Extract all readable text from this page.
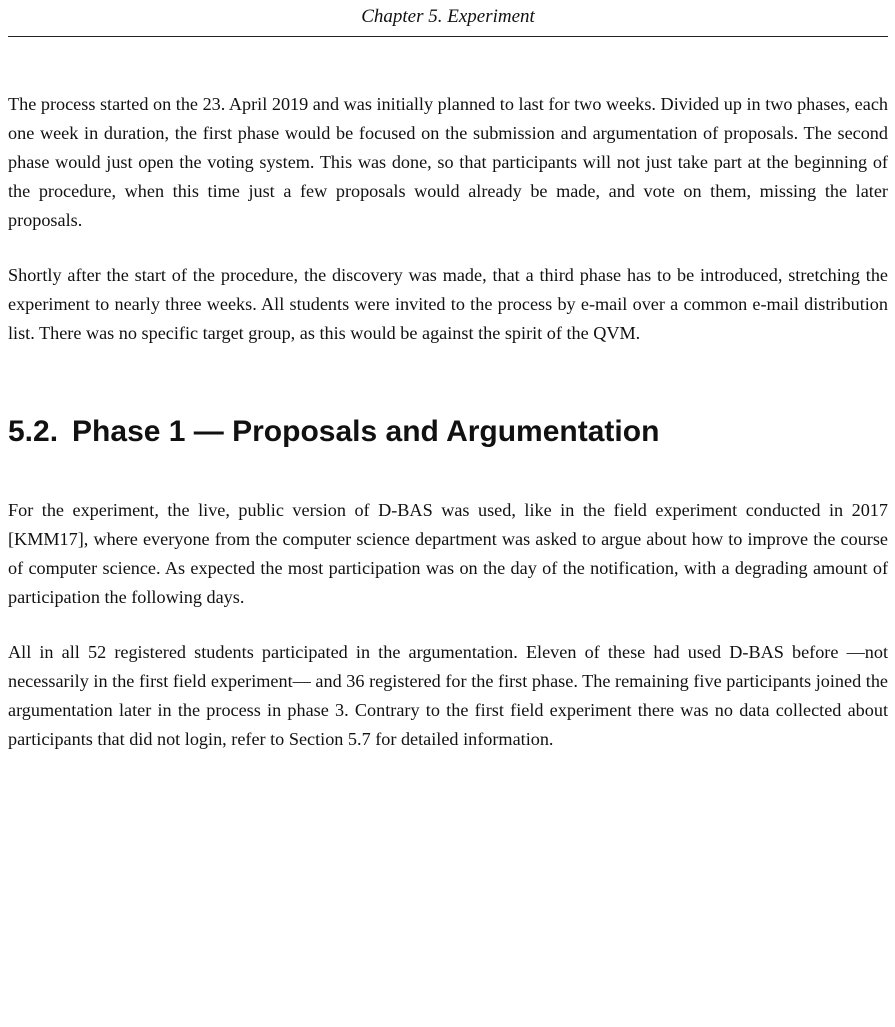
Chapter 5. Experiment

The process started on the 23. April 2019 and was initially planned to last for two weeks. Divided up in two phases, each one week in duration, the first phase would be focused on the submission and argumentation of proposals. The second phase would just open the voting system. This was done, so that participants will not just take part at the beginning of the procedure, when this time just a few proposals would already be made, and vote on them, missing the later proposals.

Shortly after the start of the procedure, the discovery was made, that a third phase has to be introduced, stretching the experiment to nearly three weeks. All students were invited to the process by e-mail over a common e-mail distribution list. There was no specific target group, as this would be against the spirit of the QVM.

5.2. Phase 1 — Proposals and Argumentation

For the experiment, the live, public version of D-BAS was used, like in the field experiment conducted in 2017 [KMM17], where everyone from the computer science department was asked to argue about how to improve the course of computer science. As expected the most participation was on the day of the notification, with a degrading amount of participation the following days.

All in all 52 registered students participated in the argumentation. Eleven of these had used D-BAS before —not necessarily in the first field experiment— and 36 registered for the first phase. The remaining five participants joined the argumentation later in the process in phase 3. Contrary to the first field experiment there was no data collected about participants that did not login, refer to Section 5.7 for detailed information.
